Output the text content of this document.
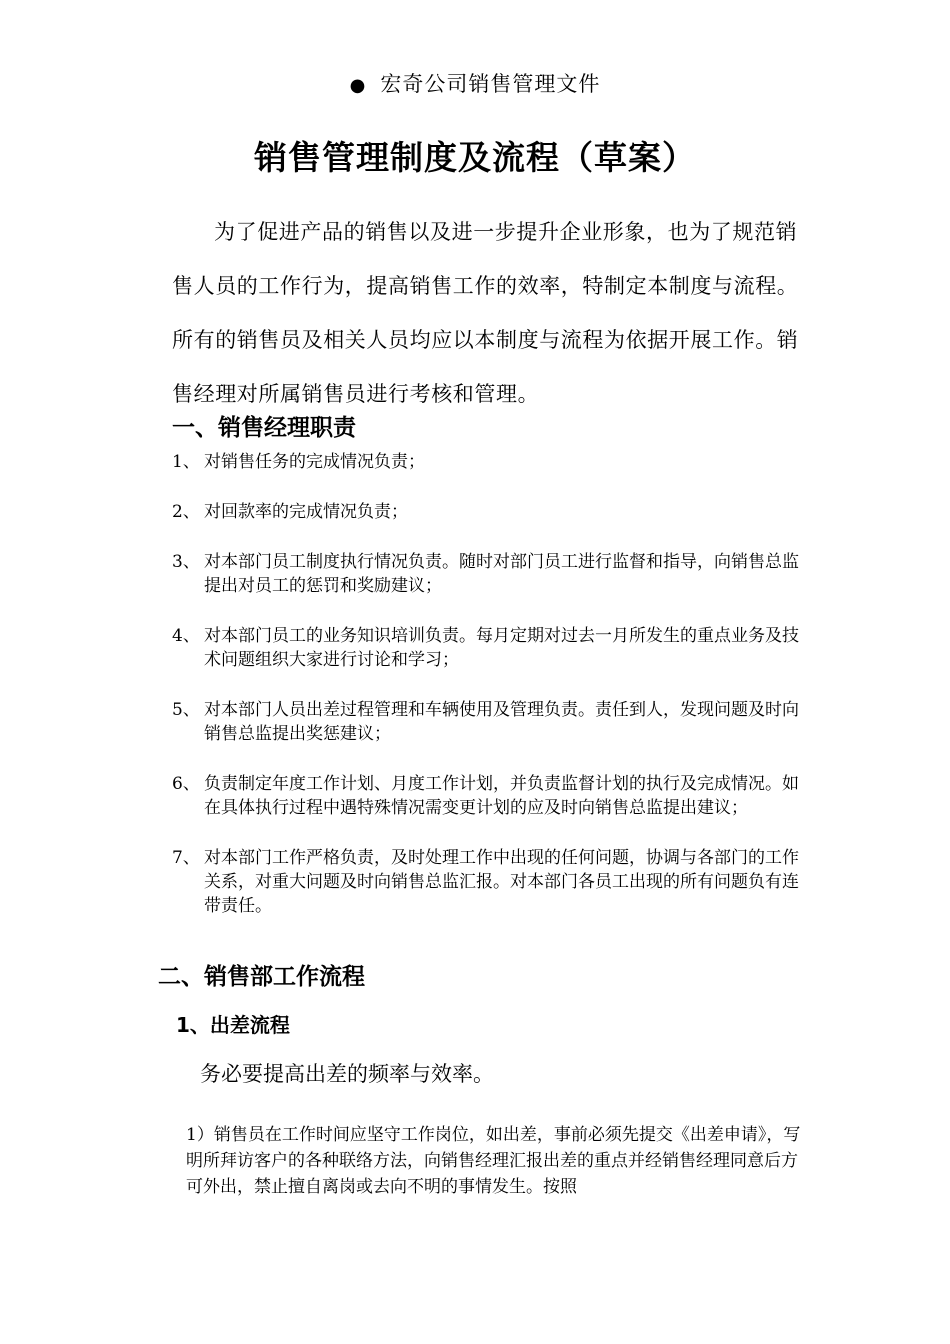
● 宏奇公司销售管理文件
销售管理制度及流程（草案）
为了促进产品的销售以及进一步提升企业形象，也为了规范销售人员的工作行为，提高销售工作的效率，特制定本制度与流程。所有的销售员及相关人员均应以本制度与流程为依据开展工作。销售经理对所属销售员进行考核和管理。
一、销售经理职责
1、 对销售任务的完成情况负责；
2、 对回款率的完成情况负责；
3、 对本部门员工制度执行情况负责。随时对部门员工进行监督和指导，向销售总监提出对员工的惩罚和奖励建议；
4、 对本部门员工的业务知识培训负责。每月定期对过去一月所发生的重点业务及技术问题组织大家进行讨论和学习；
5、 对本部门人员出差过程管理和车辆使用及管理负责。责任到人，发现问题及时向销售总监提出奖惩建议；
6、 负责制定年度工作计划、月度工作计划，并负责监督计划的执行及完成情况。如在具体执行过程中遇特殊情况需变更计划的应及时向销售总监提出建议；
7、 对本部门工作严格负责，及时处理工作中出现的任何问题，协调与各部门的工作关系，对重大问题及时向销售总监汇报。对本部门各员工出现的所有问题负有连带责任。
二、销售部工作流程
1、出差流程
务必要提高出差的频率与效率。
1）销售员在工作时间应坚守工作岗位，如出差，事前必须先提交《出差申请》，写明所拜访客户的各种联络方法，向销售经理汇报出差的重点并经销售经理同意后方可外出，禁止擅自离岗或去向不明的事情发生。按照
